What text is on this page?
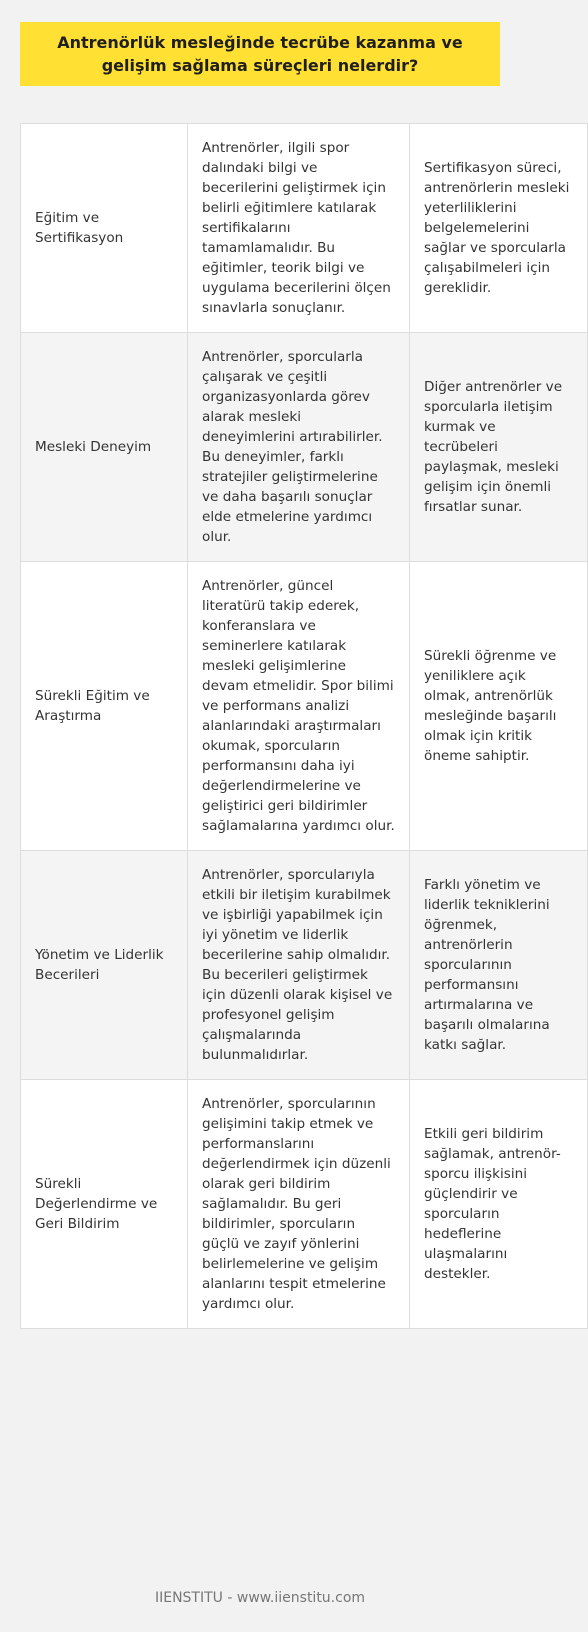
Antrenörlük mesleğinde tecrübe kazanma ve gelişim sağlama süreçleri nelerdir?
Eğitim ve Sertifikasyon	Antrenörler, ilgili spor dalındaki bilgi ve becerilerini geliştirmek için belirli eğitimlere katılarak sertifikalarını tamamlamalıdır. Bu eğitimler, teorik bilgi ve uygulama becerilerini ölçen sınavlarla sonuçlanır.	Sertifikasyon süreci, antrenörlerin mesleki yeterliliklerini belgelemelerini sağlar ve sporcularla çalışabilmeleri için gereklidir.
Mesleki Deneyim	Antrenörler, sporcularla çalışarak ve çeşitli organizasyonlarda görev alarak mesleki deneyimlerini artırabilirler. Bu deneyimler, farklı stratejiler geliştirmelerine ve daha başarılı sonuçlar elde etmelerine yardımcı olur.	Diğer antrenörler ve sporcularla iletişim kurmak ve tecrübeleri paylaşmak, mesleki gelişim için önemli fırsatlar sunar.
Sürekli Eğitim ve Araştırma	Antrenörler, güncel literatürü takip ederek, konferanslara ve seminerlere katılarak mesleki gelişimlerine devam etmelidir. Spor bilimi ve performans analizi alanlarındaki araştırmaları okumak, sporcuların performansını daha iyi değerlendirmelerine ve geliştirici geri bildirimler sağlamalarına yardımcı olur.	Sürekli öğrenme ve yeniliklere açık olmak, antrenörlük mesleğinde başarılı olmak için kritik öneme sahiptir.
Yönetim ve Liderlik Becerileri	Antrenörler, sporcularıyla etkili bir iletişim kurabilmek ve işbirliği yapabilmek için iyi yönetim ve liderlik becerilerine sahip olmalıdır. Bu becerileri geliştirmek için düzenli olarak kişisel ve profesyonel gelişim çalışmalarında bulunmalıdırlar.	Farklı yönetim ve liderlik tekniklerini öğrenmek, antrenörlerin sporcularının performansını artırmalarına ve başarılı olmalarına katkı sağlar.
Sürekli Değerlendirme ve Geri Bildirim	Antrenörler, sporcularının gelişimini takip etmek ve performanslarını değerlendirmek için düzenli olarak geri bildirim sağlamalıdır. Bu geri bildirimler, sporcuların güçlü ve zayıf yönlerini belirlemelerine ve gelişim alanlarını tespit etmelerine yardımcı olur.	Etkili geri bildirim sağlamak, antrenör-sporcu ilişkisini güçlendirir ve sporcuların hedeflerine ulaşmalarını destekler.
IIENSTITU - www.iienstitu.com
